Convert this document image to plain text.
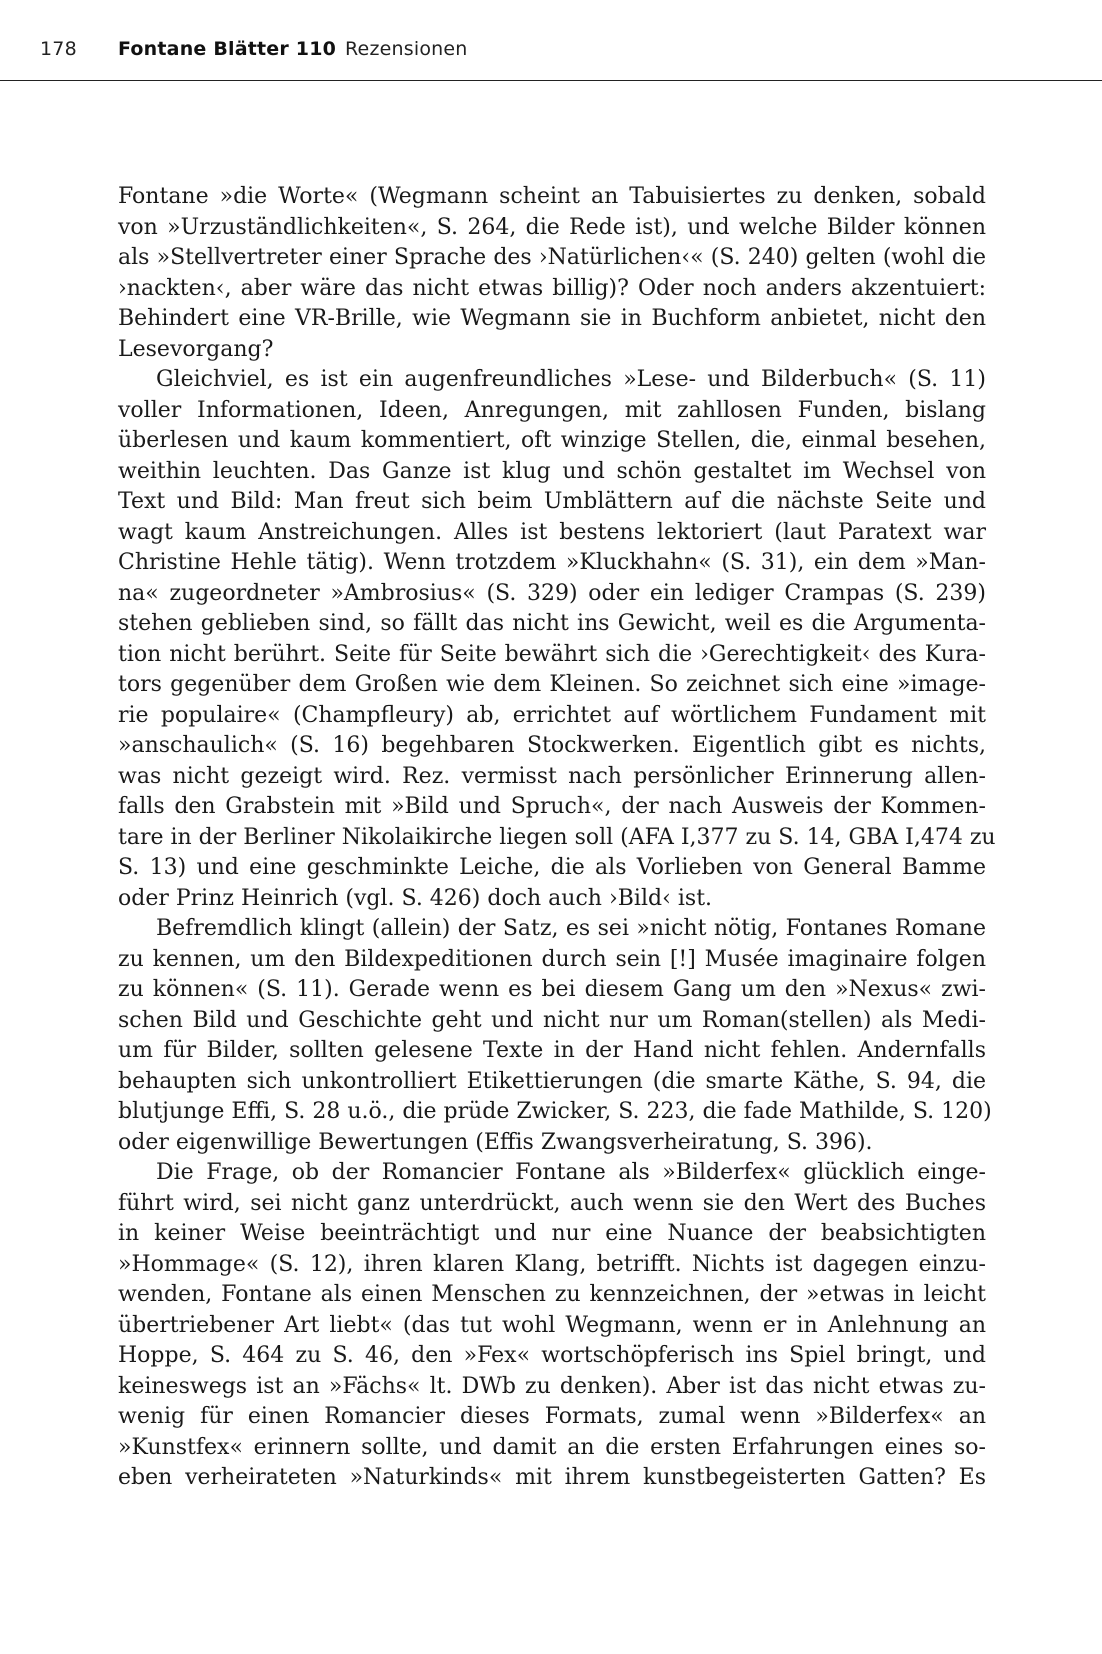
178 Fontane Blätter 110 Rezensionen
Fontane »die Worte« (Wegmann scheint an Tabuisiertes zu denken, sobald
von »Urzuständlichkeiten«, S. 264, die Rede ist), und welche Bilder können
als »Stellvertreter einer Sprache des ›Natürlichen‹« (S. 240) gelten (wohl die
›nackten‹, aber wäre das nicht etwas billig)? Oder noch anders akzentuiert:
Behindert eine VR-Brille, wie Wegmann sie in Buchform anbietet, nicht den
Lesevorgang?
Gleichviel, es ist ein augenfreundliches »Lese- und Bilderbuch« (S. 11)
voller Informationen, Ideen, Anregungen, mit zahllosen Funden, bislang
überlesen und kaum kommentiert, oft winzige Stellen, die, einmal besehen,
weithin leuchten. Das Ganze ist klug und schön gestaltet im Wechsel von
Text und Bild: Man freut sich beim Umblättern auf die nächste Seite und
wagt kaum Anstreichungen. Alles ist bestens lektoriert (laut Paratext war
Christine Hehle tätig). Wenn trotzdem »Kluckhahn« (S. 31), ein dem »Man-
na« zugeordneter »Ambrosius« (S. 329) oder ein lediger Crampas (S. 239)
stehen geblieben sind, so fällt das nicht ins Gewicht, weil es die Argumenta-
tion nicht berührt. Seite für Seite bewährt sich die ›Gerechtigkeit‹ des Kura-
tors gegenüber dem Großen wie dem Kleinen. So zeichnet sich eine »image-
rie populaire« (Champfleury) ab, errichtet auf wörtlichem Fundament mit
»anschaulich« (S. 16) begehbaren Stockwerken. Eigentlich gibt es nichts,
was nicht gezeigt wird. Rez. vermisst nach persönlicher Erinnerung allen-
falls den Grabstein mit »Bild und Spruch«, der nach Ausweis der Kommen-
tare in der Berliner Nikolaikirche liegen soll (AFA I,377 zu S. 14, GBA I,474 zu
S. 13) und eine geschminkte Leiche, die als Vorlieben von General Bamme
oder Prinz Heinrich (vgl. S. 426) doch auch ›Bild‹ ist.
Befremdlich klingt (allein) der Satz, es sei »nicht nötig, Fontanes Romane
zu kennen, um den Bildexpeditionen durch sein [!] Musée imaginaire folgen
zu können« (S. 11). Gerade wenn es bei diesem Gang um den »Nexus« zwi-
schen Bild und Geschichte geht und nicht nur um Roman(stellen) als Medi-
um für Bilder, sollten gelesene Texte in der Hand nicht fehlen. Andernfalls
behaupten sich unkontrolliert Etikettierungen (die smarte Käthe, S. 94, die
blutjunge Effi, S. 28 u.ö., die prüde Zwicker, S. 223, die fade Mathilde, S. 120)
oder eigenwillige Bewertungen (Effis Zwangsverheiratung, S. 396).
Die Frage, ob der Romancier Fontane als »Bilderfex« glücklich einge-
führt wird, sei nicht ganz unterdrückt, auch wenn sie den Wert des Buches
in keiner Weise beeinträchtigt und nur eine Nuance der beabsichtigten
»Hommage« (S. 12), ihren klaren Klang, betrifft. Nichts ist dagegen einzu-
wenden, Fontane als einen Menschen zu kennzeichnen, der »etwas in leicht
übertriebener Art liebt« (das tut wohl Wegmann, wenn er in Anlehnung an
Hoppe, S. 464 zu S. 46, den »Fex« wortschöpferisch ins Spiel bringt, und
keineswegs ist an »Fächs« lt. DWb zu denken). Aber ist das nicht etwas zu-
wenig für einen Romancier dieses Formats, zumal wenn »Bilderfex« an
»Kunstfex« erinnern sollte, und damit an die ersten Erfahrungen eines so-
eben verheirateten »Naturkinds« mit ihrem kunstbegeisterten Gatten? Es
